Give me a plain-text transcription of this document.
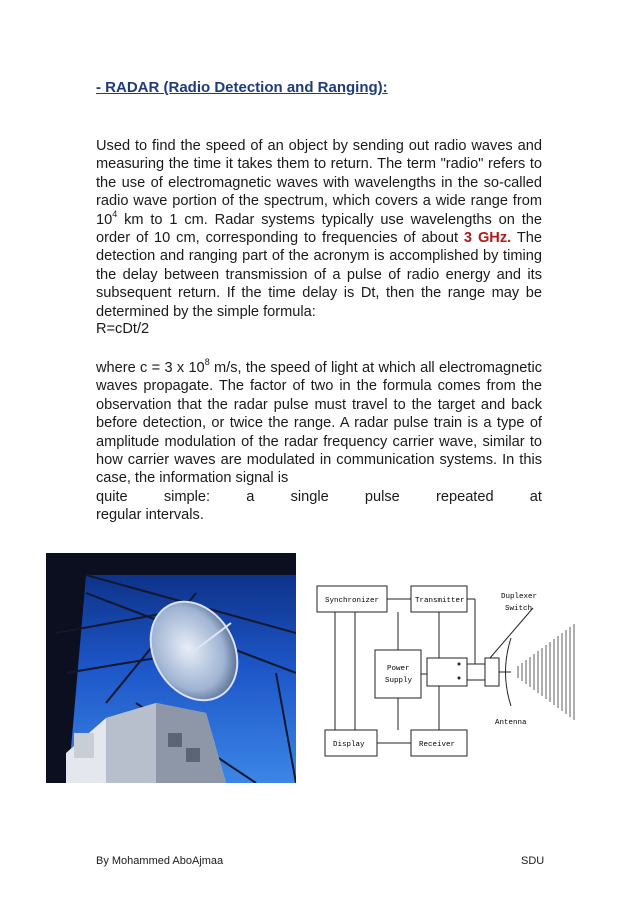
- RADAR (Radio Detection and Ranging):

Used to find the speed of an object by sending out radio waves and measuring the time it takes them to return. The term "radio" refers to the use of electromagnetic waves with wavelengths in the so-called radio wave portion of the spectrum, which covers a wide range from $10^4$ km to 1 cm. Radar systems typically use wavelengths on the order of 10 cm, corresponding to frequencies of about 3 GHz. The detection and ranging part of the acronym is accomplished by timing the delay between transmission of a pulse of radio energy and its subsequent return. If the time delay is Dt, then the range may be determined by the simple formula:

R=cDt/2

where c = 3 x $10^8$ m/s, the speed of light at which all electromagnetic waves propagate. The factor of two in the formula comes from the observation that the radar pulse must travel to the target and back before detection, or twice the range. A radar pulse train is a type of amplitude modulation of the radar frequency carrier wave, similar to how carrier waves are modulated in communication systems. In this case, the information signal is
quite simple: a single pulse repeated at
regular intervals.
Synchronizer	Transmitter
Power
Supply
Display	Receiver
Duplexer
Switch
Antenna
By Mohammed AboAjmaa	SDU
